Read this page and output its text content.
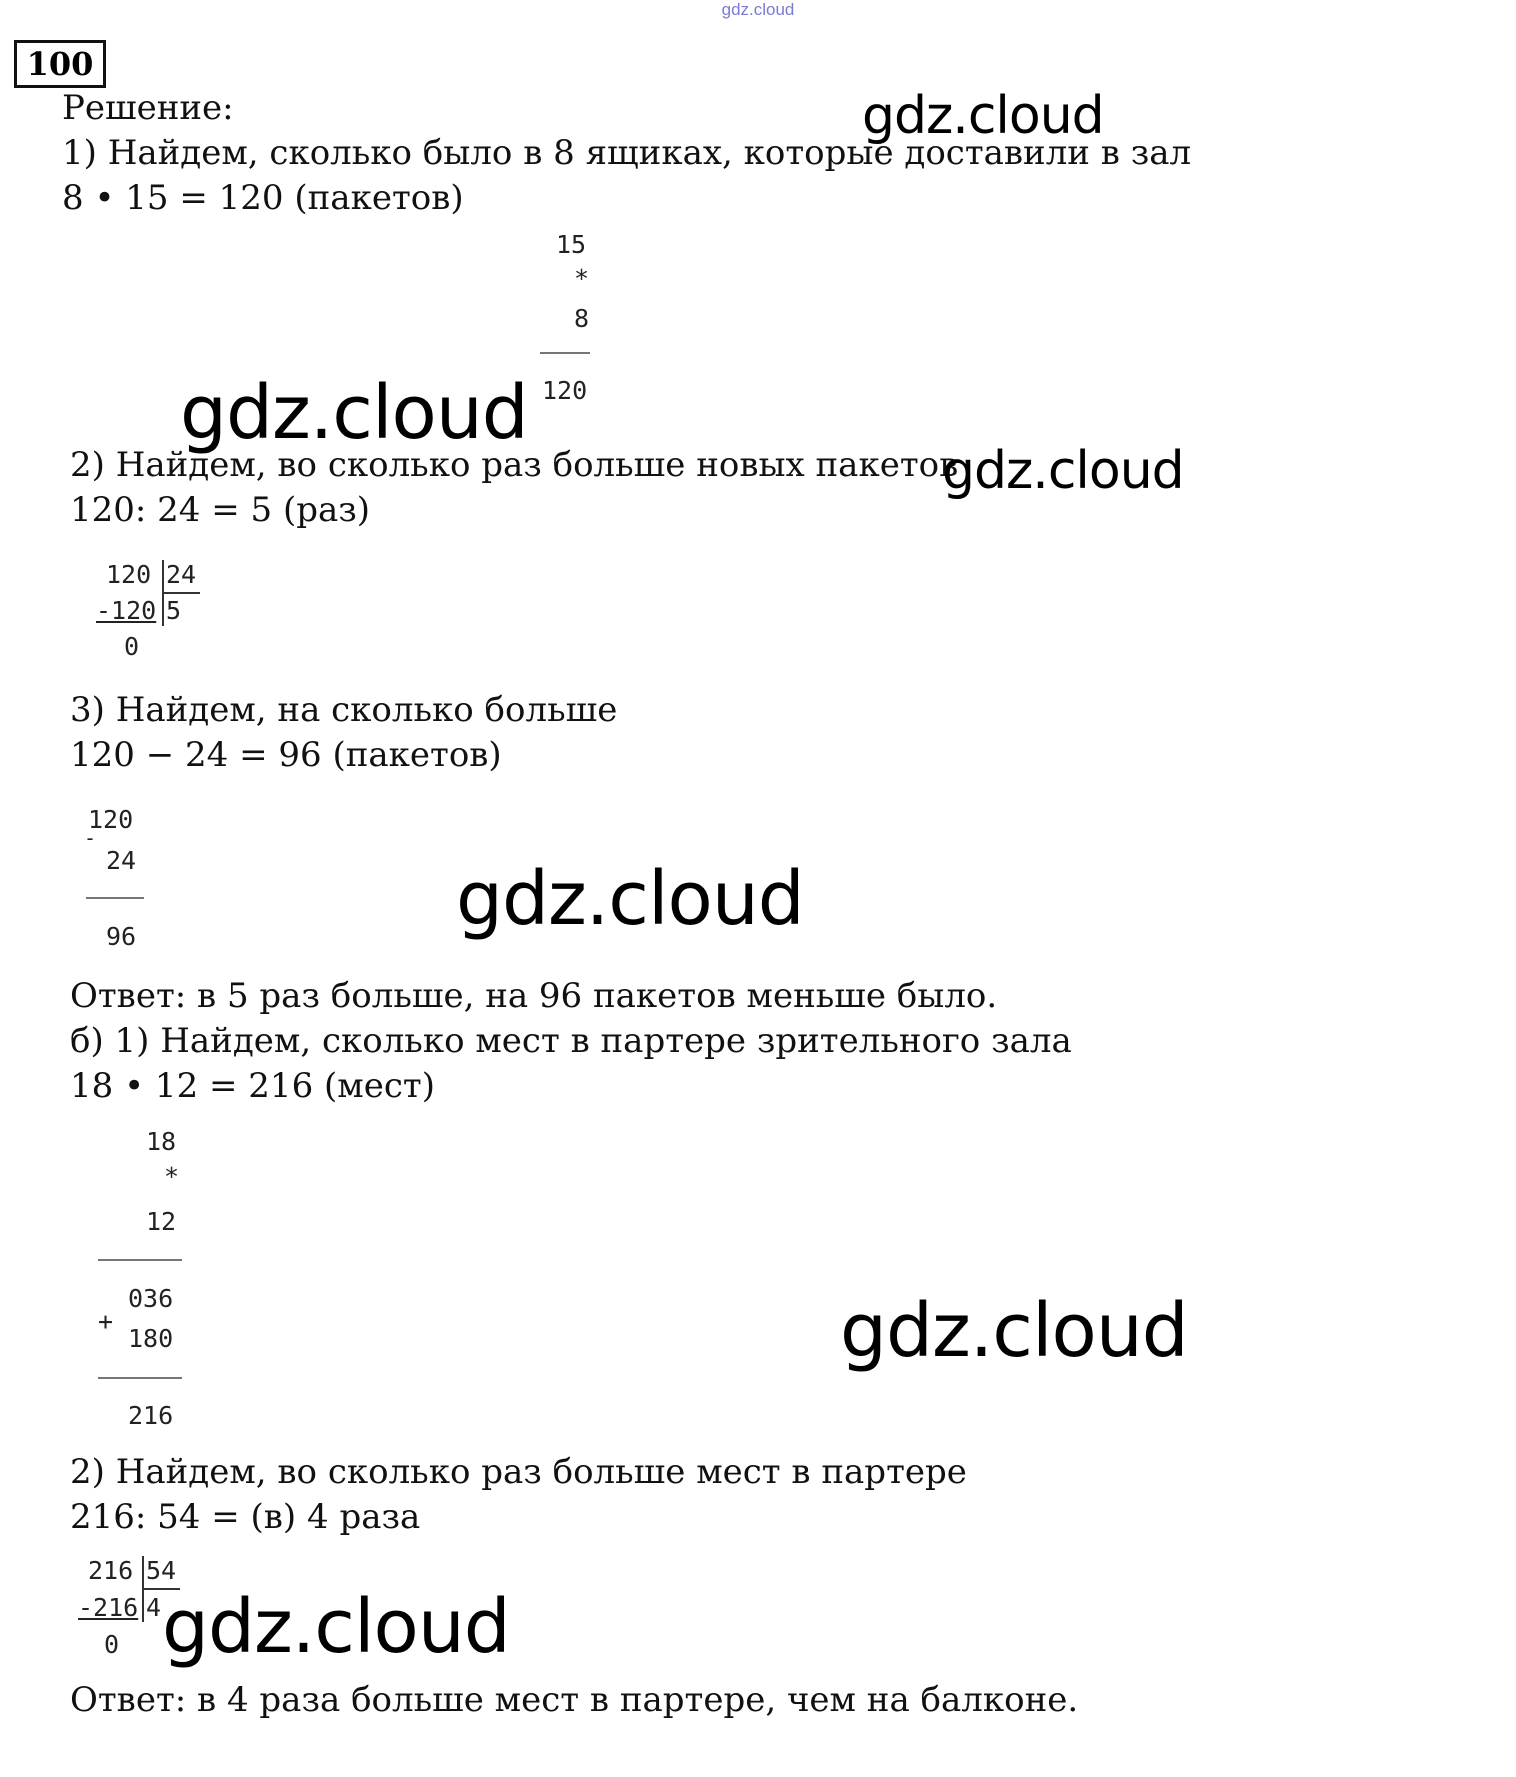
gdz.cloud
100
Решение:
1) Найдем, сколько было в 8 ящиках, которые доставили в зал
8 • 15 = 120 (пакетов)
15
*
8
120
2) Найдем, во сколько раз больше новых пакетов
120: 24 = 5 (раз)
120 24
-120 5
0
3) Найдем, на сколько больше
120 − 24 = 96 (пакетов)
120
-
24
96
Ответ: в 5 раз больше, на 96 пакетов меньше было.
б) 1) Найдем, сколько мест в партере зрительного зала
18 • 12 = 216 (мест)
18
*
12
036
+
180
216
2) Найдем, во сколько раз больше мест в партере
216: 54 = (в) 4 раза
216 54
-216 4
0
Ответ: в 4 раза больше мест в партере, чем на балконе.
gdz.cloud
gdz.cloud
gdz.cloud
gdz.cloud
gdz.cloud
gdz.cloud
